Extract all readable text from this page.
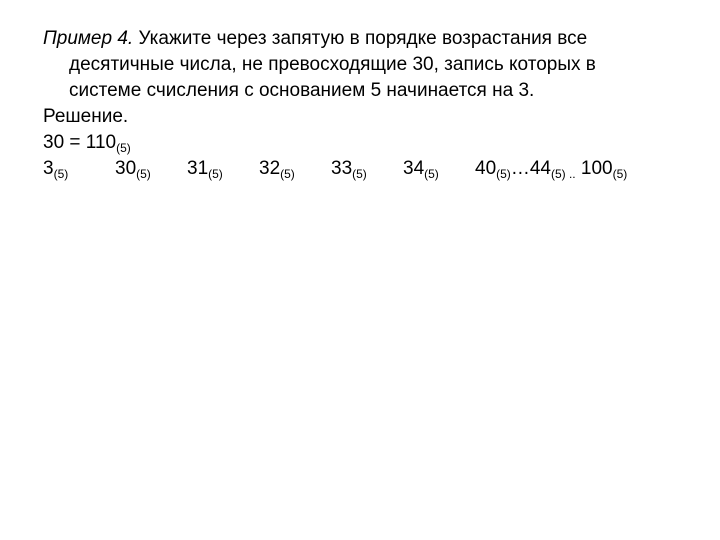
Пример 4. Укажите через запятую в порядке возрастания все
десятичные числа, не превосходящие 30, запись которых в
системе счисления с основанием 5 начинается на 3.
Решение.
$30 = 110_{(5)}$
$3_{(5)}$ $30_{(5)}$ $31_{(5)}$ $32_{(5)}$ $33_{(5)}$ $34_{(5)}$ $40_{(5)}\dots 44_{(5)}$ $_{..}$ $100_{(5)}$
